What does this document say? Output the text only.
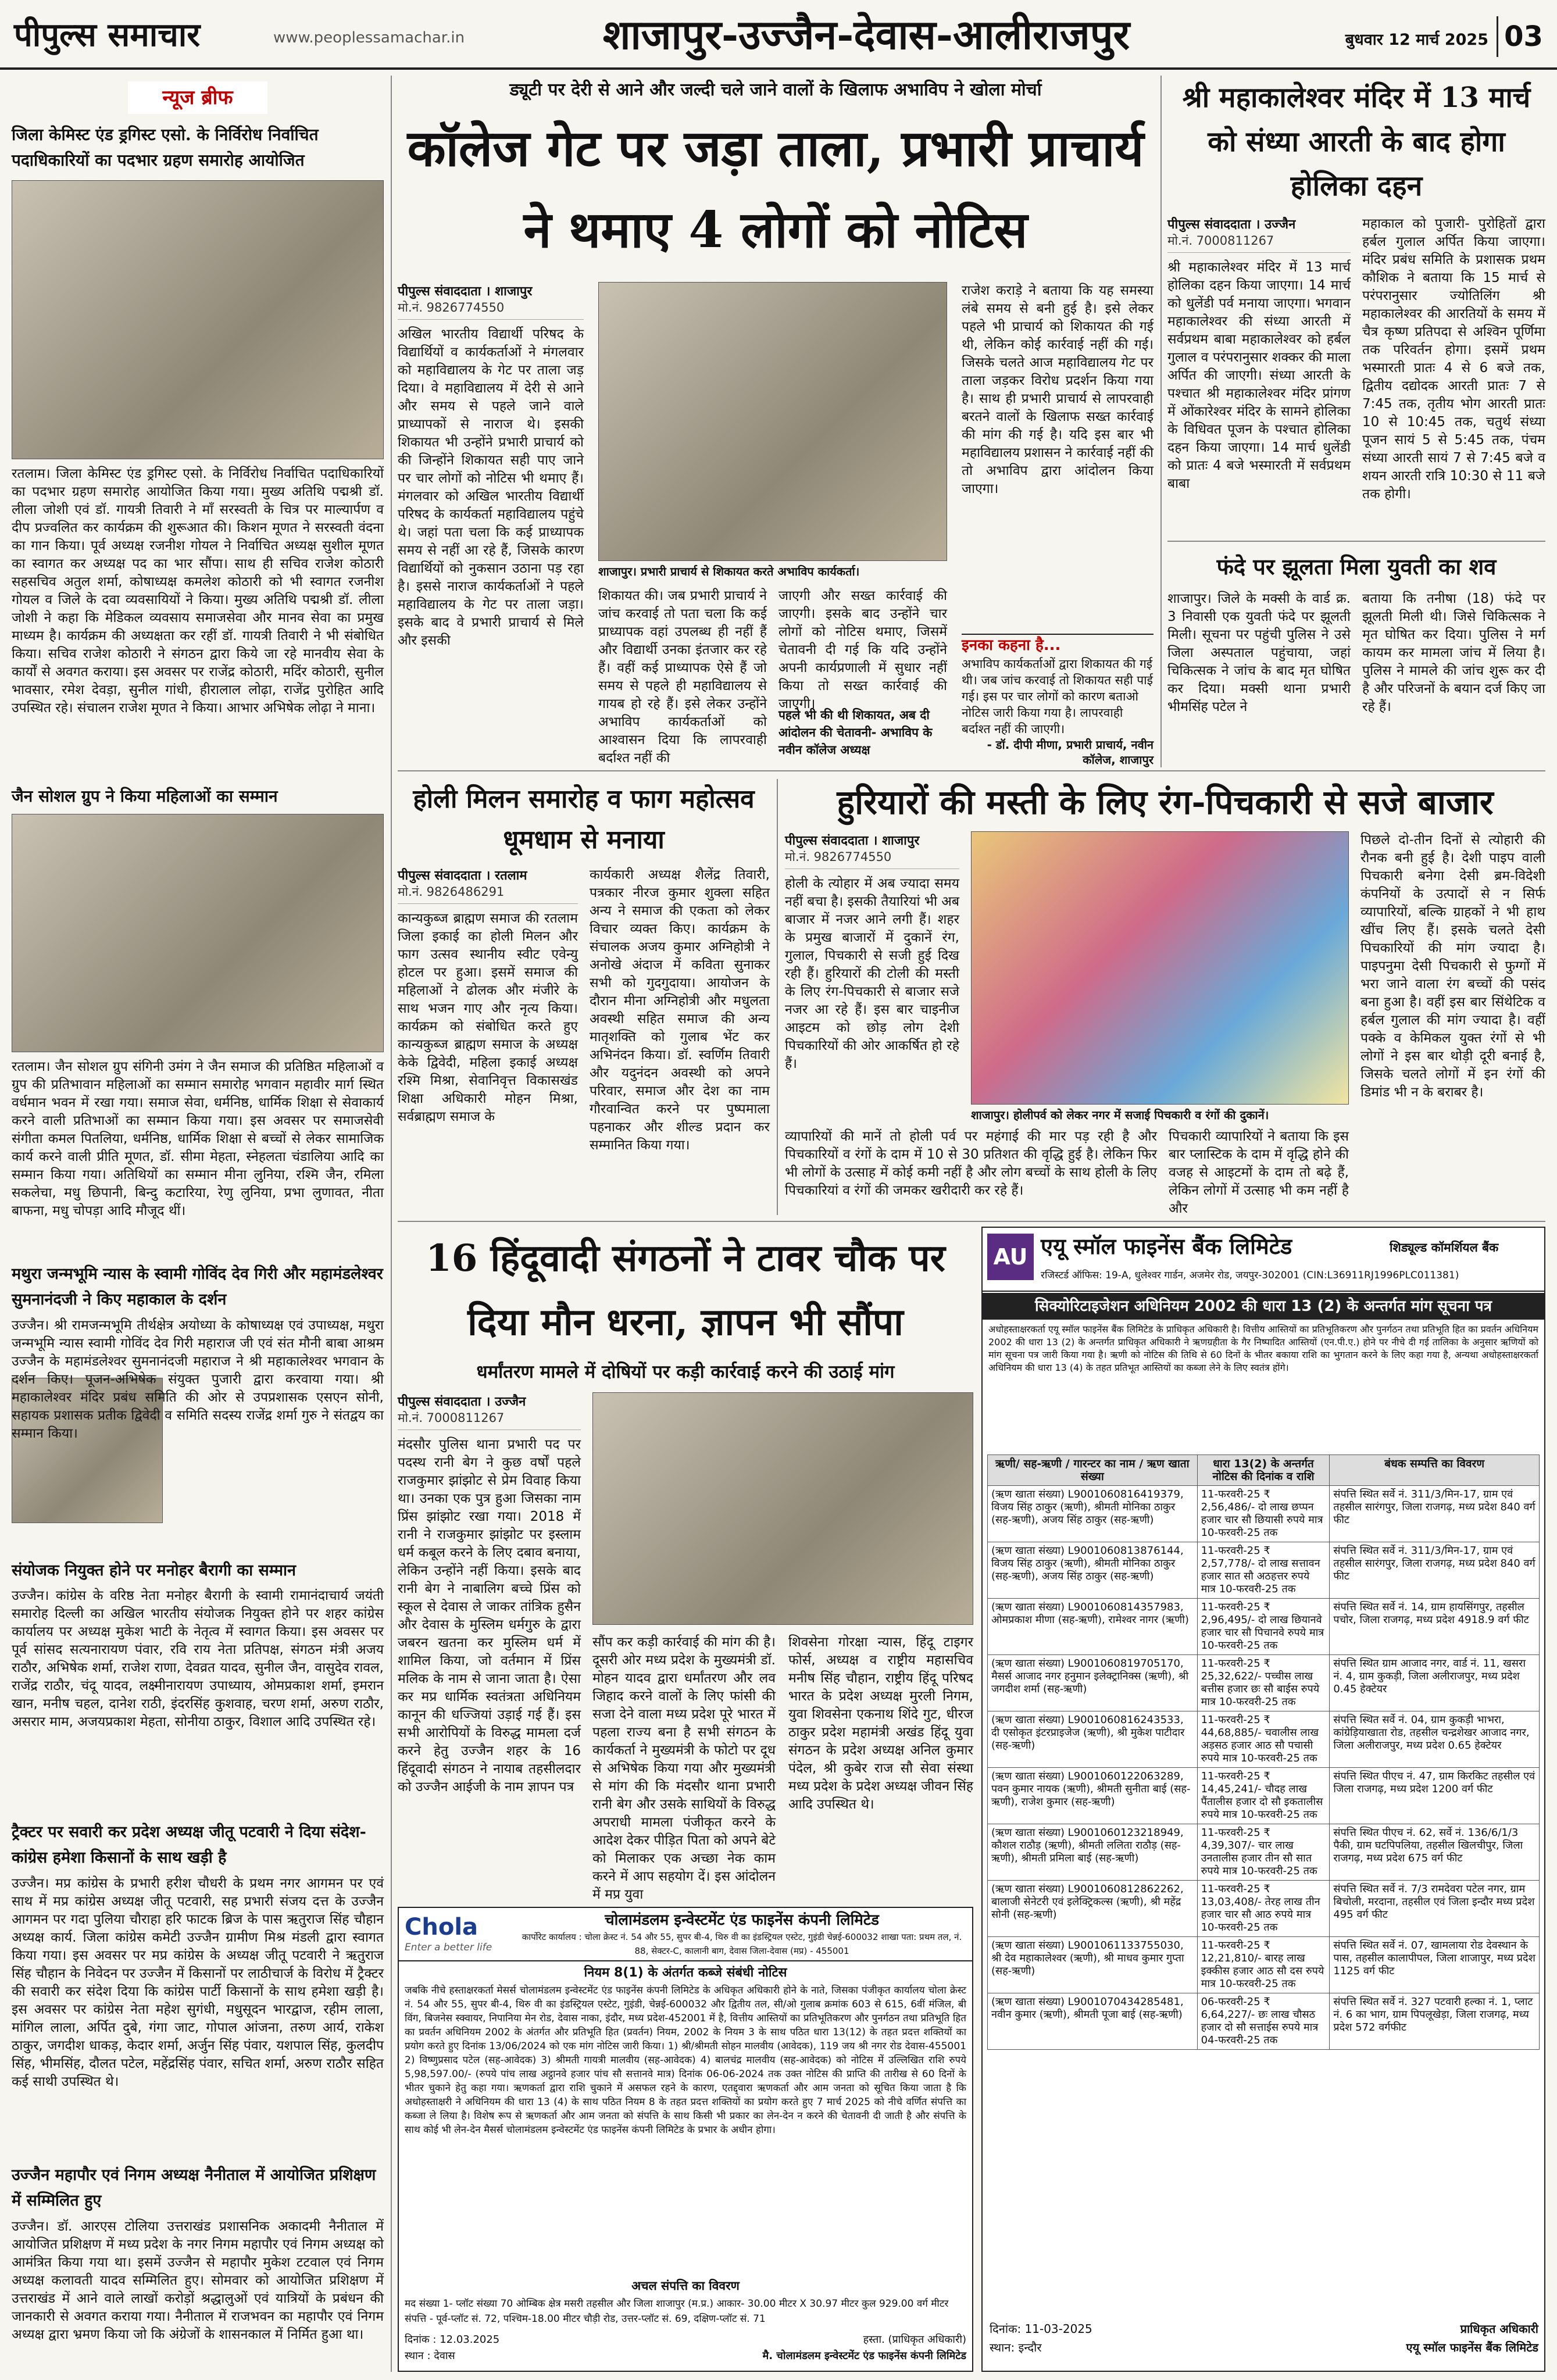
पीपुल्स समाचार	www.peoplessamachar.in	शाजापुर-उज्जैन-देवास-आलीराजपुर	बुधवार 12 मार्च 2025 03
न्यूज ब्रीफ
जिला केमिस्ट एंड ड्रगिस्ट एसो. के निर्विरोध निर्वाचित पदाधिकारियों का पदभार ग्रहण समारोह आयोजित

रतलाम। जिला केमिस्ट एंड ड्रगिस्ट एसो. के निर्विरोध निर्वाचित पदाधिकारियों का पदभार ग्रहण समारोह आयोजित किया गया। मुख्य अतिथि पद्मश्री डॉ. लीला जोशी एवं डॉ. गायत्री तिवारी ने माँ सरस्वती के चित्र पर माल्यार्पण व दीप प्रज्वलित कर कार्यक्रम की शुरूआत की। किशन मूणत ने सरस्वती वंदना का गान किया। पूर्व अध्यक्ष रजनीश गोयल ने निर्वाचित अध्यक्ष सुशील मूणत का स्वागत कर अध्यक्ष पद का भार सौंपा। साथ ही सचिव राजेश कोठारी सहसचिव अतुल शर्मा, कोषाध्यक्ष कमलेश कोठारी को भी स्वागत रजनीश गोयल व जिले के दवा व्यवसायियों ने किया। मुख्य अतिथि पद्मश्री डॉ. लीला जोशी ने कहा कि मेडिकल व्यवसाय समाजसेवा और मानव सेवा का प्रमुख माध्यम है। कार्यक्रम की अध्यक्षता कर रहीं डॉ. गायत्री तिवारी ने भी संबोधित किया। सचिव राजेश कोठारी ने संगठन द्वारा किये जा रहे मानवीय सेवा के कार्यों से अवगत कराया। इस अवसर पर राजेंद्र कोठारी, मदिंर कोठारी, सुनील भावसार, रमेश देवड़ा, सुनील गांधी, हीरालाल लोढ़ा, राजेंद्र पुरोहित आदि उपस्थित रहे। संचालन राजेश मूणत ने किया। आभार अभिषेक लोढ़ा ने माना।

जैन सोशल ग्रुप ने किया महिलाओं का सम्मान

रतलाम। जैन सोशल ग्रुप संगिनी उमंग ने जैन समाज की प्रतिष्ठित महिलाओं व ग्रुप की प्रतिभावान महिलाओं का सम्मान समारोह भगवान महावीर मार्ग स्थित वर्धमान भवन में रखा गया। समाज सेवा, धर्मनिष्ठ, धार्मिक शिक्षा से सेवाकार्य करने वाली प्रतिभाओं का सम्मान किया गया। इस अवसर पर समाजसेवी संगीता कमल पितलिया, धर्मनिष्ठ, धार्मिक शिक्षा से बच्चों से लेकर सामाजिक कार्य करने वाली प्रीति मूणत, डॉ. सीमा मेहता, स्नेहलता चंडालिया आदि का सम्मान किया गया। अतिथियों का सम्मान मीना लुनिया, रश्मि जैन, रमिला सकलेचा, मधु छिपानी, बिन्दु कटारिया, रेणु लुनिया, प्रभा लुणावत, नीता बाफना, मधु चोपड़ा आदि मौजूद थीं।

मथुरा जन्मभूमि न्यास के स्वामी गोविंद देव गिरी और महामंडलेश्वर सुमनानंदजी ने किए महाकाल के दर्शन

उज्जैन। श्री रामजन्मभूमि तीर्थक्षेत्र अयोध्या के कोषाध्यक्ष एवं उपाध्यक्ष, मथुरा जन्मभूमि न्यास स्वामी गोविंद देव गिरी महाराज जी एवं संत मौनी बाबा आश्रम उज्जैन के महामंडलेश्वर सुमनानंदजी महाराज ने श्री महाकालेश्वर भगवान के दर्शन किए। पूजन-अभिषेक संयुक्त पुजारी द्वारा करवाया गया। श्री महाकालेश्वर मंदिर प्रबंध समिति की ओर से उपप्रशासक एसएन सोनी, सहायक प्रशासक प्रतीक द्विवेदी व समिति सदस्य राजेंद्र शर्मा गुरु ने संतद्वय का सम्मान किया।

संयोजक नियुक्त होने पर मनोहर बैरागी का सम्मान

उज्जैन। कांग्रेस के वरिष्ठ नेता मनोहर बैरागी के स्वामी रामानंदाचार्य जयंती समारोह दिल्ली का अखिल भारतीय संयोजक नियुक्त होने पर शहर कांग्रेस कार्यालय पर अध्यक्ष मुकेश भाटी के नेतृत्व में स्वागत किया। इस अवसर पर पूर्व सांसद सत्यनारायण पंवार, रवि राय नेता प्रतिपक्ष, संगठन मंत्री अजय राठौर, अभिषेक शर्मा, राजेश राणा, देवव्रत यादव, सुनील जैन, वासुदेव रावल, राजेंद्र राठौर, चंदू यादव, लक्ष्मीनारायण उपाध्याय, ओमप्रकाश शर्मा, इमरान खान, मनीष चहल, दानेश राठी, इंदरसिंह कुशवाह, चरण शर्मा, अरुण राठौर, असरार माम, अजयप्रकाश मेहता, सोनीया ठाकुर, विशाल आदि उपस्थित रहे।

ट्रैक्टर पर सवारी कर प्रदेश अध्यक्ष जीतू पटवारी ने दिया संदेश- कांग्रेस हमेशा किसानों के साथ खड़ी है

उज्जैन। मप्र कांग्रेस के प्रभारी हरीश चौधरी के प्रथम नगर आगमन पर एवं साथ में मप्र कांग्रेस अध्यक्ष जीतू पटवारी, सह प्रभारी संजय दत्त के उज्जैन आगमन पर गदा पुलिया चौराहा हरि फाटक ब्रिज के पास ऋतुराज सिंह चौहान अध्यक्ष कार्य. जिला कांग्रेस कमेटी उज्जैन ग्रामीण मिश्र मंडली द्वारा स्वागत किया गया। इस अवसर पर मप्र कांग्रेस के अध्यक्ष जीतू पटवारी ने ऋतुराज सिंह चौहान के निवेदन पर उज्जैन में किसानों पर लाठीचार्ज के विरोध में ट्रैक्टर की सवारी कर संदेश दिया कि कांग्रेस पार्टी किसानों के साथ हमेशा खड़ी है। इस अवसर पर कांग्रेस नेता महेश सुगंधी, मधुसूदन भारद्वाज, रहीम लाला, मांगिल लाला, अर्पित दुबे, गंगा जाट, गोपाल आंजना, तरुण आर्य, राकेश ठाकुर, जगदीश धाकड़, केदार शर्मा, अर्जुन सिंह पंवार, यशपाल सिंह, कुलदीप सिंह, भीमसिंह, दौलत पटेल, महेंद्रसिंह पंवार, सचित शर्मा, अरुण राठौर सहित कई साथी उपस्थित थे।

उज्जैन महापौर एवं निगम अध्यक्ष नैनीताल में आयोजित प्रशिक्षण में सम्मिलित हुए

उज्जैन। डॉ. आरएस टोलिया उत्तराखंड प्रशासनिक अकादमी नैनीताल में आयोजित प्रशिक्षण में मध्य प्रदेश के नगर निगम महापौर एवं निगम अध्यक्ष को आमंत्रित किया गया था। इसमें उज्जैन से महापौर मुकेश टटवाल एवं निगम अध्यक्ष कलावती यादव सम्मिलित हुए। सोमवार को आयोजित प्रशिक्षण में उत्तराखंड में आने वाले लाखों करोड़ों श्रद्धालुओं एवं यात्रियों के प्रबंधन की जानकारी से अवगत कराया गया। नैनीताल में राजभवन का महापौर एवं निगम अध्यक्ष द्वारा भ्रमण किया जो कि अंग्रेजों के शासनकाल में निर्मित हुआ था।

ड्यूटी पर देरी से आने और जल्दी चले जाने वालों के खिलाफ अभाविप ने खोला मोर्चा
कॉलेज गेट पर जड़ा ताला, प्रभारी प्राचार्य ने थमाए 4 लोगों को नोटिस
पीपुल्स संवाददाता । शाजापुर
मो.नं. 9826774550

अखिल भारतीय विद्यार्थी परिषद के विद्यार्थियों व कार्यकर्ताओं ने मंगलवार को महाविद्यालय के गेट पर ताला जड़ दिया। वे महाविद्यालय में देरी से आने और समय से पहले जाने वाले प्राध्यापकों से नाराज थे। इसकी शिकायत भी उन्होंने प्रभारी प्राचार्य को की जिन्होंने शिकायत सही पाए जाने पर चार लोगों को नोटिस भी थमाए हैं। मंगलवार को अखिल भारतीय विद्यार्थी परिषद के कार्यकर्ता महाविद्यालय पहुंचे थे। जहां पता चला कि कई प्राध्यापक समय से नहीं आ रहे हैं, जिसके कारण विद्यार्थियों को नुकसान उठाना पड़ रहा है। इससे नाराज कार्यकर्ताओं ने पहले महाविद्यालय के गेट पर ताला जड़ा। इसके बाद वे प्रभारी प्राचार्य से मिले और इसकी

शाजापुर। प्रभारी प्राचार्य से शिकायत करते अभाविप कार्यकर्ता।

शिकायत की। जब प्रभारी प्राचार्य ने जांच करवाई तो पता चला कि कई प्राध्यापक वहां उपलब्ध ही नहीं हैं और विद्यार्थी उनका इंतजार कर रहे हैं। वहीं कई प्राध्यापक ऐसे हैं जो समय से पहले ही महाविद्यालय से गायब हो रहे हैं। इसे लेकर उन्होंने अभाविप कार्यकर्ताओं को आश्वासन दिया कि लापरवाही बर्दाश्त नहीं की

जाएगी और सख्त कार्रवाई की जाएगी। इसके बाद उन्होंने चार लोगों को नोटिस थमाए, जिसमें चेतावनी दी गई कि यदि उन्होंने अपनी कार्यप्रणाली में सुधार नहीं किया तो सख्त कार्रवाई की जाएगी।

पहले भी की थी शिकायत, अब दी आंदोलन की चेतावनी- अभाविप के नवीन कॉलेज अध्यक्ष

राजेश कराड़े ने बताया कि यह समस्या लंबे समय से बनी हुई है। इसे लेकर पहले भी प्राचार्य को शिकायत की गई थी, लेकिन कोई कार्रवाई नहीं की गई। जिसके चलते आज महाविद्यालय गेट पर ताला जड़कर विरोध प्रदर्शन किया गया है। साथ ही प्रभारी प्राचार्य से लापरवाही बरतने वालों के खिलाफ सख्त कार्रवाई की मांग की गई है। यदि इस बार भी महाविद्यालय प्रशासन ने कार्रवाई नहीं की तो अभाविप द्वारा आंदोलन किया जाएगा।

इनका कहना है...
अभाविप कार्यकर्ताओं द्वारा शिकायत की गई थी। जब जांच करवाई तो शिकायत सही पाई गई। इस पर चार लोगों को कारण बताओ नोटिस जारी किया गया है। लापरवाही बर्दाश्त नहीं की जाएगी।
- डॉ. दीपी मीणा, प्रभारी प्राचार्य, नवीन कॉलेज, शाजापुर
श्री महाकालेश्वर मंदिर में 13 मार्च को संध्या आरती के बाद होगा होलिका दहन
पीपुल्स संवाददाता । उज्जैन
मो.नं. 7000811267

श्री महाकालेश्वर मंदिर में 13 मार्च होलिका दहन किया जाएगा। 14 मार्च को धुलेंडी पर्व मनाया जाएगा। भगवान महाकालेश्वर की संध्या आरती में सर्वप्रथम बाबा महाकालेश्वर को हर्बल गुलाल व परंपरानुसार शक्कर की माला अर्पित की जाएगी। संध्या आरती के पश्चात श्री महाकालेश्वर मंदिर प्रांगण में ओंकारेश्वर मंदिर के सामने होलिका के विधिवत पूजन के पश्चात होलिका दहन किया जाएगा। 14 मार्च धुलेंडी को प्रातः 4 बजे भस्मारती में सर्वप्रथम बाबा

महाकाल को पुजारी- पुरोहितों द्वारा हर्बल गुलाल अर्पित किया जाएगा। मंदिर प्रबंध समिति के प्रशासक प्रथम कौशिक ने बताया कि 15 मार्च से परंपरानुसार ज्योतिलिंग श्री महाकालेश्वर की आरतियों के समय में चैत्र कृष्ण प्रतिपदा से अश्विन पूर्णिमा तक परिवर्तन होगा। इसमें प्रथम भस्मारती प्रातः 4 से 6 बजे तक, द्वितीय दद्योदक आरती प्रातः 7 से 7:45 तक, तृतीय भोग आरती प्रातः 10 से 10:45 तक, चतुर्थ संध्या पूजन सायं 5 से 5:45 तक, पंचम संध्या आरती सायं 7 से 7:45 बजे व शयन आरती रात्रि 10:30 से 11 बजे तक होगी।

फंदे पर झूलता मिला युवती का शव

शाजापुर। जिले के मक्सी के वार्ड क्र. 3 निवासी एक युवती फंदे पर झूलती मिली। सूचना पर पहुंची पुलिस ने उसे जिला अस्पताल पहुंचाया, जहां चिकित्सक ने जांच के बाद मृत घोषित कर दिया। मक्सी थाना प्रभारी भीमसिंह पटेल ने

बताया कि तनीषा (18) फंदे पर झूलती मिली थी। जिसे चिकित्सक ने मृत घोषित कर दिया। पुलिस ने मर्ग कायम कर मामला जांच में लिया है। पुलिस ने मामले की जांच शुरू कर दी है और परिजनों के बयान दर्ज किए जा रहे हैं।

होली मिलन समारोह व फाग महोत्सव धूमधाम से मनाया
पीपुल्स संवाददाता । रतलाम
मो.नं. 9826486291

कान्यकुब्ज ब्राह्मण समाज की रतलाम जिला इकाई का होली मिलन और फाग उत्सव स्थानीय स्वीट एवेन्यु होटल पर हुआ। इसमें समाज की महिलाओं ने ढोलक और मंजीरे के साथ भजन गाए और नृत्य किया। कार्यक्रम को संबोधित करते हुए कान्यकुब्ज ब्राह्मण समाज के अध्यक्ष केके द्विवेदी, महिला इकाई अध्यक्ष रश्मि मिश्रा, सेवानिवृत्त विकासखंड शिक्षा अधिकारी मोहन मिश्रा, सर्वब्राह्मण समाज के

कार्यकारी अध्यक्ष शैलेंद्र तिवारी, पत्रकार नीरज कुमार शुक्ला सहित अन्य ने समाज की एकता को लेकर विचार व्यक्त किए। कार्यक्रम के संचालक अजय कुमार अग्निहोत्री ने अनोखे अंदाज में कविता सुनाकर सभी को गुदगुदाया। आयोजन के दौरान मीना अग्निहोत्री और मधुलता अवस्थी सहित समाज की अन्य मातृशक्ति को गुलाब भेंट कर अभिनंदन किया। डॉ. स्वर्णिम तिवारी और यदुनंदन अवस्थी को अपने परिवार, समाज और देश का नाम गौरवान्वित करने पर पुष्पमाला पहनाकर और शील्ड प्रदान कर सम्मानित किया गया।

हुरियारों की मस्ती के लिए रंग-पिचकारी से सजे बाजार
पीपुल्स संवाददाता । शाजापुर
मो.नं. 9826774550

होली के त्योहार में अब ज्यादा समय नहीं बचा है। इसकी तैयारियां भी अब बाजार में नजर आने लगी हैं। शहर के प्रमुख बाजारों में दुकानें रंग, गुलाल, पिचकारी से सजी हुई दिख रही हैं। हुरियारों की टोली की मस्ती के लिए रंग-पिचकारी से बाजार सजे नजर आ रहे हैं। इस बार चाइनीज आइटम को छोड़ लोग देशी पिचकारियों की ओर आकर्षित हो रहे हैं।

शाजापुर। होलीपर्व को लेकर नगर में सजाई पिचकारी व रंगों की दुकानें।

व्यापारियों की मानें तो होली पर्व पर महंगाई की मार पड़ रही है और पिचकारियों व रंगों के दाम में 10 से 30 प्रतिशत की वृद्धि हुई है। लेकिन फिर भी लोगों के उत्साह में कोई कमी नहीं है और लोग बच्चों के साथ होली के लिए पिचकारियां व रंगों की जमकर खरीदारी कर रहे हैं।

पिचकारी व्यापारियों ने बताया कि इस बार प्लास्टिक के दाम में वृद्धि होने की वजह से आइटमों के दाम तो बढ़े हैं, लेकिन लोगों में उत्साह भी कम नहीं है और

पिछले दो-तीन दिनों से त्योहारी की रौनक बनी हुई है। देशी पाइप वाली पिचकारी बनेगा देसी ब्रम-विदेशी कंपनियों के उत्पादों से न सिर्फ व्यापारियों, बल्कि ग्राहकों ने भी हाथ खींच लिए हैं। इसके चलते देसी पिचकारियों की मांग ज्यादा है। पाइपनुमा देसी पिचकारी से फुग्गों में भरा जाने वाला रंग बच्चों की पसंद बना हुआ है। वहीं इस बार सिंथेटिक व हर्बल गुलाल की मांग ज्यादा है। वहीं पक्के व केमिकल युक्त रंगों से भी लोगों ने इस बार थोड़ी दूरी बनाई है, जिसके चलते लोगों में इन रंगों की डिमांड भी न के बराबर है।

16 हिंदूवादी संगठनों ने टावर चौक पर दिया मौन धरना, ज्ञापन भी सौंपा
धर्मांतरण मामले में दोषियों पर कड़ी कार्रवाई करने की उठाई मांग
पीपुल्स संवाददाता । उज्जैन
मो.नं. 7000811267

मंदसौर पुलिस थाना प्रभारी पद पर पदस्थ रानी बेग ने कुछ वर्षों पहले राजकुमार झांझोट से प्रेम विवाह किया था। उनका एक पुत्र हुआ जिसका नाम प्रिंस झांझोट रखा गया। 2018 में रानी ने राजकुमार झांझोट पर इस्लाम धर्म कबूल करने के लिए दबाव बनाया, लेकिन उन्होंने नहीं किया। इसके बाद रानी बेग ने नाबालिग बच्चे प्रिंस को स्कूल से देवास ले जाकर तांत्रिक हुसैन और देवास के मुस्लिम धर्मगुरु के द्वारा जबरन खतना कर मुस्लिम धर्म में शामिल किया, जो वर्तमान में प्रिंस मलिक के नाम से जाना जाता है। ऐसा कर मप्र धार्मिक स्वतंत्रता अधिनियम कानून की धज्जियां उड़ाई गई हैं। इस सभी आरोपियों के विरुद्ध मामला दर्ज करने हेतु उज्जैन शहर के 16 हिंदूवादी संगठन ने नायाब तहसीलदार को उज्जैन आईजी के नाम ज्ञापन पत्र

सौंप कर कड़ी कार्रवाई की मांग की है। दूसरी ओर मध्य प्रदेश के मुख्यमंत्री डॉ. मोहन यादव द्वारा धर्मांतरण और लव जिहाद करने वालों के लिए फांसी की सजा देने वाला मध्य प्रदेश पूरे भारत में पहला राज्य बना है सभी संगठन के कार्यकर्ता ने मुख्यमंत्री के फोटो पर दूध से अभिषेक किया गया और मुख्यमंत्री से मांग की कि मंदसौर थाना प्रभारी रानी बेग और उसके साथियों के विरुद्ध अपराधी मामला पंजीकृत करने के आदेश देकर पीड़ित पिता को अपने बेटे को मिलाकर एक अच्छा नेक काम करने में आप सहयोग दें। इस आंदोलन में मप्र युवा

शिवसेना गोरक्षा न्यास, हिंदू टाइगर फोर्स, अध्यक्ष व राष्ट्रीय महासचिव मनीष सिंह चौहान, राष्ट्रीय हिंदू परिषद भारत के प्रदेश अध्यक्ष मुरली निगम, युवा शिवसेना एकनाथ शिंदे गुट, धीरज ठाकुर प्रदेश महामंत्री अखंड हिंदू युवा संगठन के प्रदेश अध्यक्ष अनिल कुमार पंदेल, श्री कुबेर राज सौ सेवा संस्था मध्य प्रदेश के प्रदेश अध्यक्ष जीवन सिंह आदि उपस्थित थे।

Chola
Enter a better life
चोलामंडलम इन्वेस्टमेंट एंड फाइनेंस कंपनी लिमिटेड
कार्पोरेट कार्यालय : चोला क्रेस्ट नं. 54 और 55, सुपर बी-4, थिरु वी का इंडस्ट्रियल एस्टेट, गुइंडी चेन्नई-600032 शाखा पता: प्रथम तल, नं. 88, सेक्टर-C, कालानी बाग, देवास जिला-देवास (मप्र) - 455001
नियम 8(1) के अंतर्गत कब्जे संबंधी नोटिस
जबकि नीचे हस्ताक्षरकर्ता मेसर्स चोलामंडलम इन्वेस्टमेंट एंड फाइनेंस कंपनी लिमिटेड के अधिकृत अधिकारी होने के नाते, जिसका पंजीकृत कार्यालय चोला क्रेस्ट नं. 54 और 55, सुपर बी-4, थिरु वी का इंडस्ट्रियल एस्टेट, गुइंडी, चेन्नई-600032 और द्वितीय तल, सी/ओ गुलाब क्रमांक 603 से 615, 6वीं मंजिल, बी विंग, बिजनेस स्क्वायर, निपानिया मेन रोड, देवास नाका, इंदौर, मध्य प्रदेश-452001 में है, वित्तीय आस्तियों का प्रतिभूतिकरण और पुनर्गठन तथा प्रतिभूति हित का प्रवर्तन अधिनियम 2002 के अंतर्गत और प्रतिभूति हित (प्रवर्तन) नियम, 2002 के नियम 3 के साथ पठित धारा 13(12) के तहत प्रदत्त शक्तियों का प्रयोग करते हुए दिनांक 13/06/2024 को एक मांग नोटिस जारी किया। 1) श्री/श्रीमती सोहन मालवीय (आवेदक), 119 जय श्री नगर रोड देवास-455001 2) विष्णुप्रसाद पटेल (सह-आवेदक) 3) श्रीमती गायत्री मालवीय (सह-आवेदक) 4) बालचंद्र मालवीय (सह-आवेदक) को नोटिस में उल्लिखित राशि रुपये 5,98,597.00/- (रुपये पांच लाख अट्ठानवे हजार पांच सौ सत्तानवे मात्र) दिनांक 06-06-2024 तक उक्त नोटिस की प्राप्ति की तारीख से 60 दिनों के भीतर चुकाने हेतु कहा गया। ऋणकर्ता द्वारा राशि चुकाने में असफल रहने के कारण, एतद्द्वारा ऋणकर्ता और आम जनता को सूचित किया जाता है कि अधोहस्ताक्षरी ने अधिनियम की धारा 13 (4) के साथ पठित नियम 8 के तहत प्रदत्त शक्तियों का प्रयोग करते हुए 7 मार्च 2025 को नीचे वर्णित संपत्ति का कब्जा ले लिया है। विशेष रूप से ऋणकर्ता और आम जनता को संपत्ति के साथ किसी भी प्रकार का लेन-देन न करने की चेतावनी दी जाती है और संपत्ति के साथ कोई भी लेन-देन मैसर्स चोलामंडलम इन्वेस्टमेंट एंड फाइनेंस कंपनी लिमिटेड के प्रभार के अधीन होगा।
अचल संपत्ति का विवरण
मद संख्या 1- प्लॉट संख्या 70 ओम्बिक क्षेत्र मसरी तहसील और जिला शाजापुर (म.प्र.) आकार- 30.00 मीटर X 30.97 मीटर कुल 929.00 वर्ग मीटर संपत्ति - पूर्व-प्लॉट सं. 72, पश्चिम-18.00 मीटर चौड़ी रोड, उत्तर-प्लॉट सं. 69, दक्षिण-प्लॉट सं. 71
दिनांक : 12.03.2025
स्थान : देवास
हस्ता. (प्राधिकृत अधिकारी)
मै. चोलामंडलम इन्वेस्टमेंट एंड फाइनेंस कंपनी लिमिटेड
AU एयू स्मॉल फाइनेंस बैंक लिमिटेड	शिड्यूल्ड कॉमर्शियल बैंक
रजिस्टर्ड ऑफिस: 19-A, धुलेश्वर गार्डन, अजमेर रोड, जयपुर-302001 (CIN:L36911RJ1996PLC011381)
सिक्योरिटाइजेशन अधिनियम 2002 की धारा 13 (2) के अन्तर्गत मांग सूचना पत्र
अधोहस्ताक्षरकर्ता एयू स्मॉल फाइनेंस बैंक लिमिटेड के प्राधिकृत अधिकारी है। वित्तीय आस्तियों का प्रतिभूतिकरण और पुनर्गठन तथा प्रतिभूति हित का प्रवर्तन अधिनियम 2002 की धारा 13 (2) के अन्तर्गत प्राधिकृत अधिकारी ने ऋणग्रहीता के गैर निष्पादित आस्तियों (एन.पी.ए.) होने पर नीचे दी गई तालिका के अनुसार ऋणियों को मांग सूचना पत्र जारी किया गया है। ऋणी को नोटिस की तिथि से 60 दिनों के भीतर बकाया राशि का भुगतान करने के लिए कहा गया है, अन्यथा अधोहस्ताक्षरकर्ता अधिनियम की धारा 13 (4) के तहत प्रतिभूत आस्तियों का कब्जा लेने के लिए स्वतंत्र होंगे।
ऋणी/ सह-ऋणी / गारन्टर का नाम / ऋण खाता संख्या	धारा 13(2) के अन्तर्गत नोटिस की दिनांक व राशि	बंधक सम्पत्ति का विवरण
(ऋण खाता संख्या) L9001060816419379, विजय सिंह ठाकुर (ऋणी), श्रीमती मोनिका ठाकुर (सह-ऋणी), अजय सिंह ठाकुर (सह-ऋणी)	11-फरवरी-25 ₹ 2,56,486/- दो लाख छप्पन हजार चार सौ छियासी रुपये मात्र 10-फरवरी-25 तक	संपत्ति स्थित सर्वे नं. 311/3/मिन-17, ग्राम एवं तहसील सारंगपुर, जिला राजगढ़, मध्य प्रदेश 840 वर्ग फीट
(ऋण खाता संख्या) L9001060813876144, विजय सिंह ठाकुर (ऋणी), श्रीमती मोनिका ठाकुर (सह-ऋणी), अजय सिंह ठाकुर (सह-ऋणी)	11-फरवरी-25 ₹ 2,57,778/- दो लाख सत्तावन हजार सात सौ अठहत्तर रुपये मात्र 10-फरवरी-25 तक	संपत्ति स्थित सर्वे नं. 311/3/मिन-17, ग्राम एवं तहसील सारंगपुर, जिला राजगढ़, मध्य प्रदेश 840 वर्ग फीट
(ऋण खाता संख्या) L9001060814357983, ओमप्रकाश मीणा (सह-ऋणी), रामेश्वर नागर (ऋणी)	11-फरवरी-25 ₹ 2,96,495/- दो लाख छियानवे हजार चार सौ पिचानवे रुपये मात्र 10-फरवरी-25 तक	संपत्ति स्थित सर्वे नं. 14, ग्राम हायसिंगपुर, तहसील पचोर, जिला राजगढ़, मध्य प्रदेश 4918.9 वर्ग फीट
(ऋण खाता संख्या) L9001060819705170, मैसर्स आजाद नगर हनुमान इलेक्ट्रानिक्स (ऋणी), श्री जगदीश शर्मा (सह-ऋणी)	11-फरवरी-25 ₹ 25,32,622/- पच्चीस लाख बत्तीस हजार छः सौ बाईस रुपये मात्र 10-फरवरी-25 तक	संपत्ति स्थित ग्राम आजाद नगर, वार्ड नं. 11, खसरा नं. 4, ग्राम कुकड़ी, जिला अलीराजपुर, मध्य प्रदेश 0.45 हेक्टेयर
(ऋण खाता संख्या) L9001060816243533, दी एसोकृत इंटरप्राइजेज (ऋणी), श्री मुकेश पाटीदार (सह-ऋणी)	11-फरवरी-25 ₹ 44,68,885/- चवालीस लाख अड़सठ हजार आठ सौ पचासी रुपये मात्र 10-फरवरी-25 तक	संपत्ति स्थित सर्वे नं. 04, ग्राम कुकड़ी भाभरा, कांग्रेड़ियाखाता रोड, तहसील चन्द्रशेखर आजाद नगर, जिला अलीराजपुर, मध्य प्रदेश 0.65 हेक्टेयर
(ऋण खाता संख्या) L9001060122063289, पवन कुमार नायक (ऋणी), श्रीमती सुनीता बाई (सह-ऋणी), राजेश कुमार (सह-ऋणी)	11-फरवरी-25 ₹ 14,45,241/- चौदह लाख पैंतालीस हजार दो सौ इकतालीस रुपये मात्र 10-फरवरी-25 तक	संपत्ति स्थित पीएच नं. 47, ग्राम किरकिट तहसील एवं जिला राजगढ़, मध्य प्रदेश 1200 वर्ग फीट
(ऋण खाता संख्या) L9001060123218949, कौशल राठौड़ (ऋणी), श्रीमती ललिता राठौड़ (सह-ऋणी), श्रीमती प्रमिला बाई (सह-ऋणी)	11-फरवरी-25 ₹ 4,39,307/- चार लाख उनतालीस हजार तीन सौ सात रुपये मात्र 10-फरवरी-25 तक	संपत्ति स्थित पीएच नं. 62, सर्वे नं. 136/6/1/3 पैकी, ग्राम घटपिपलिया, तहसील खिलचीपुर, जिला राजगढ़, मध्य प्रदेश 675 वर्ग फीट
(ऋण खाता संख्या) L9001060812862262, बालाजी सेनेटरी एवं इलेक्ट्रिकल्स (ऋणी), श्री महेंद्र सोनी (सह-ऋणी)	11-फरवरी-25 ₹ 13,03,408/- तेरह लाख तीन हजार चार सौ आठ रुपये मात्र 10-फरवरी-25 तक	संपत्ति स्थित सर्वे नं. 7/3 रामदेवरा पटेल नगर, ग्राम बिचोली, मरदाना, तहसील एवं जिला इन्दौर मध्य प्रदेश 495 वर्ग फीट
(ऋण खाता संख्या) L9001061133755030, श्री देव महाकालेश्वर (ऋणी), श्री माधव कुमार गुप्ता (सह-ऋणी)	11-फरवरी-25 ₹ 12,21,810/- बारह लाख इक्कीस हजार आठ सौ दस रुपये मात्र 10-फरवरी-25 तक	संपत्ति स्थित सर्वे नं. 07, खामलाया रोड देवस्थान के पास, तहसील कालापीपल, जिला शाजापुर, मध्य प्रदेश 1125 वर्ग फीट
(ऋण खाता संख्या) L9001070434285481, नवीन कुमार (ऋणी), श्रीमती पूजा बाई (सह-ऋणी)	06-फरवरी-25 ₹ 6,64,227/- छः लाख चौसठ हजार दो सौ सत्ताईस रुपये मात्र 04-फरवरी-25 तक	संपत्ति स्थित सर्वे नं. 327 पटवारी हल्का नं. 1, प्लाट नं. 6 का भाग, ग्राम पिपलूखेड़ा, जिला राजगढ़, मध्य प्रदेश 572 वर्गफीट
दिनांक: 11-03-2025
स्थान: इन्दौर
प्राधिकृत अधिकारी
एयू स्मॉल फाइनेंस बैंक लिमिटेड
